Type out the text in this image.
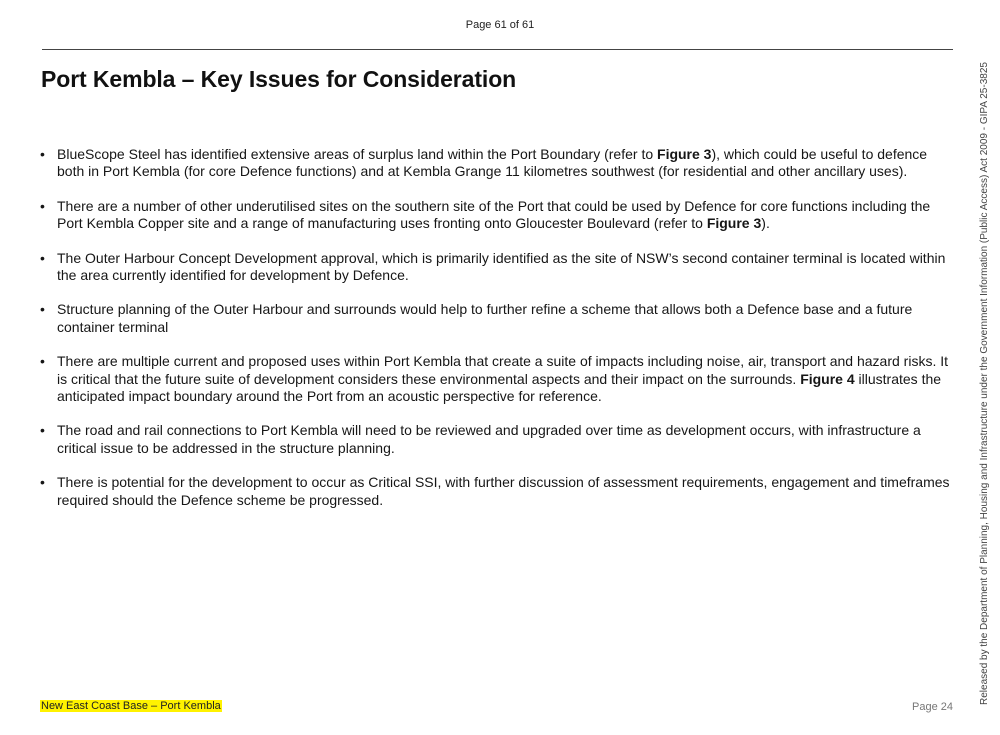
Page 61 of 61
Port Kembla – Key Issues for Consideration
• BlueScope Steel has identified extensive areas of surplus land within the Port Boundary (refer to Figure 3), which could be useful to defence both in Port Kembla (for core Defence functions) and at Kembla Grange 11 kilometres southwest (for residential and other ancillary uses).
• There are a number of other underutilised sites on the southern site of the Port that could be used by Defence for core functions including the Port Kembla Copper site and a range of manufacturing uses fronting onto Gloucester Boulevard (refer to Figure 3).
• The Outer Harbour Concept Development approval, which is primarily identified as the site of NSW’s second container terminal is located within the area currently identified for development by Defence.
• Structure planning of the Outer Harbour and surrounds would help to further refine a scheme that allows both a Defence base and a future container terminal
• There are multiple current and proposed uses within Port Kembla that create a suite of impacts including noise, air, transport and hazard risks. It is critical that the future suite of development considers these environmental aspects and their impact on the surrounds. Figure 4 illustrates the anticipated impact boundary around the Port from an acoustic perspective for reference.
• The road and rail connections to Port Kembla will need to be reviewed and upgraded over time as development occurs, with infrastructure a critical issue to be addressed in the structure planning.
• There is potential for the development to occur as Critical SSI, with further discussion of assessment requirements, engagement and timeframes required should the Defence scheme be progressed.
New East Coast Base – Port Kembla	Page 24
Released by the Department of Planning, Housing and Infrastructure under the Government Information (Public Access) Act 2009 - GIPA 25-3825
